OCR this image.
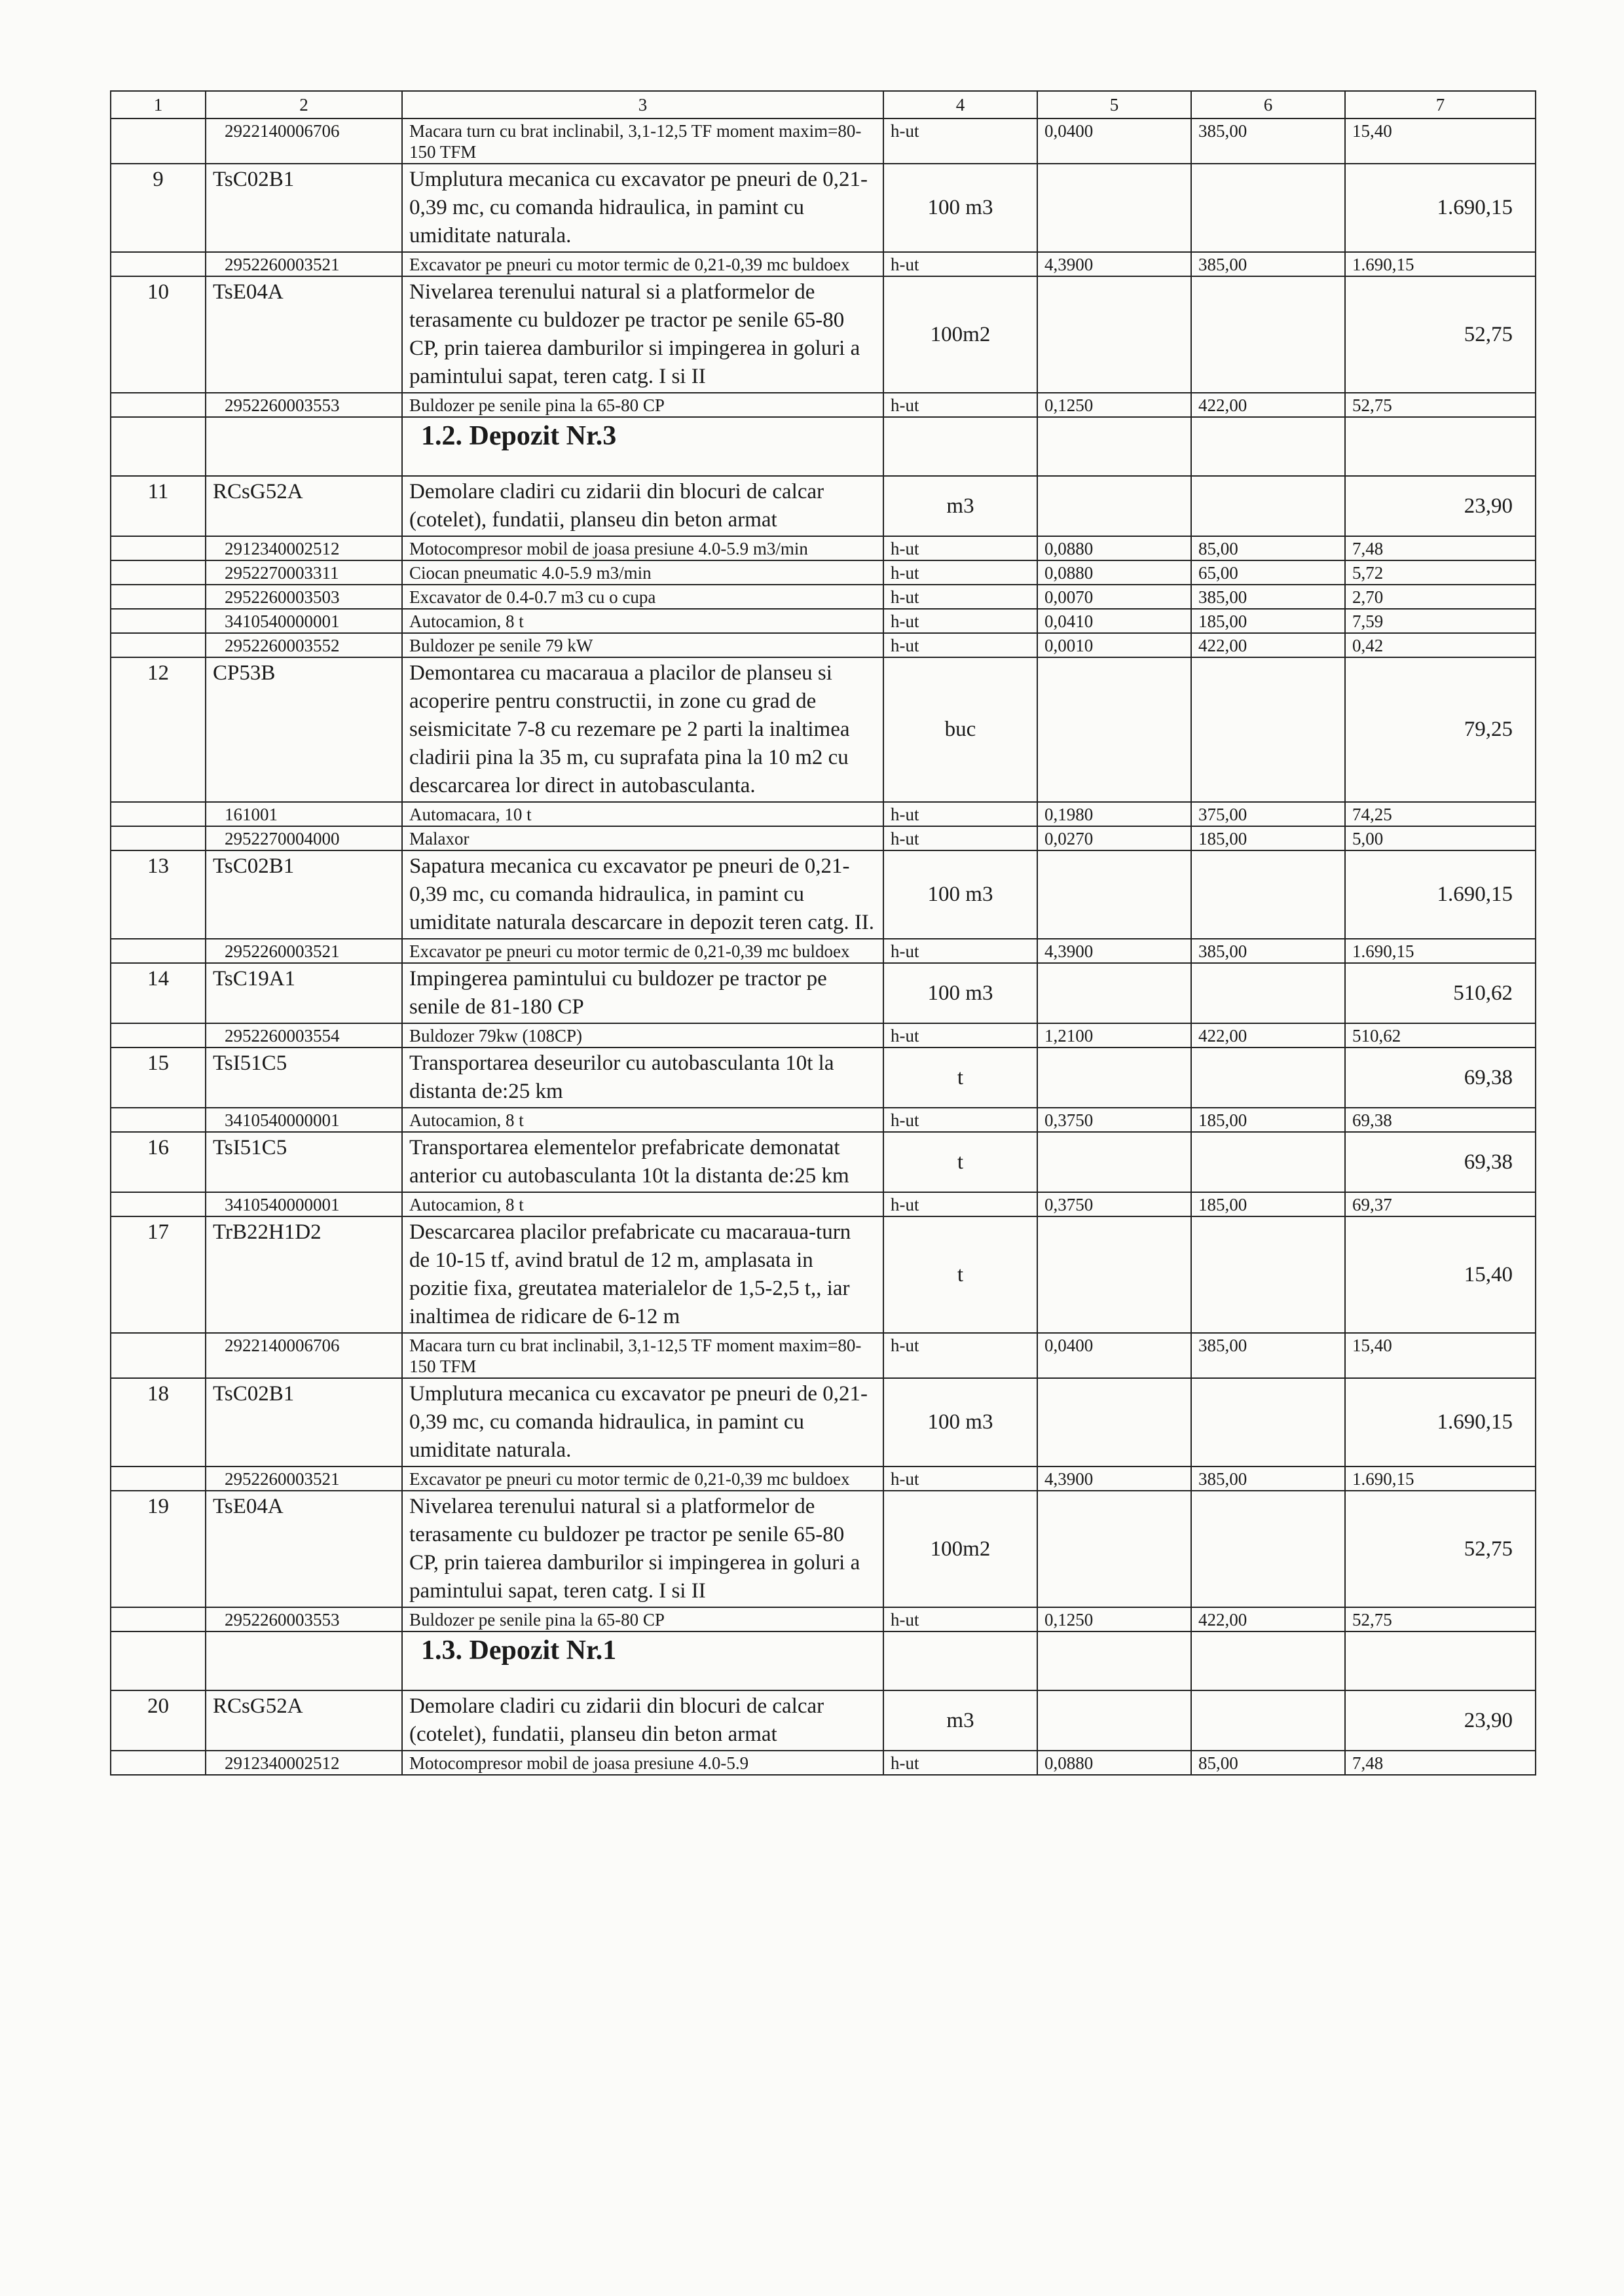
1	2	3	4	5	6	7
	2922140006706	Macara turn cu brat inclinabil, 3,1-12,5 TF moment maxim=80-150 TFM	h-ut	0,0400	385,00	15,40
9	TsC02B1	Umplutura mecanica cu excavator pe pneuri de 0,21-0,39 mc, cu comanda hidraulica, in pamint cu umiditate naturala.	100 m3			1.690,15
	2952260003521	Excavator pe pneuri cu motor termic de 0,21-0,39 mc buldoex	h-ut	4,3900	385,00	1.690,15
10	TsE04A	Nivelarea terenului natural si a platformelor de terasamente cu buldozer pe tractor pe senile 65-80 CP, prin taierea damburilor si impingerea in goluri a pamintului sapat, teren catg. I si II	100m2			52,75
	2952260003553	Buldozer pe senile pina la 65-80 CP	h-ut	0,1250	422,00	52,75
		1.2. Depozit Nr.3				
11	RCsG52A	Demolare cladiri cu zidarii din blocuri de calcar (cotelet), fundatii, planseu din beton armat	m3			23,90
	2912340002512	Motocompresor mobil de joasa presiune 4.0-5.9 m3/min	h-ut	0,0880	85,00	7,48
	2952270003311	Ciocan pneumatic 4.0-5.9 m3/min	h-ut	0,0880	65,00	5,72
	2952260003503	Excavator de 0.4-0.7 m3 cu o cupa	h-ut	0,0070	385,00	2,70
	3410540000001	Autocamion, 8 t	h-ut	0,0410	185,00	7,59
	2952260003552	Buldozer pe senile 79 kW	h-ut	0,0010	422,00	0,42
12	CP53B	Demontarea cu macaraua a placilor de planseu si acoperire pentru constructii, in zone cu grad de seismicitate 7-8 cu rezemare pe 2 parti la inaltimea cladirii pina la 35 m, cu suprafata pina la 10 m2 cu descarcarea lor direct in autobasculanta.	buc			79,25
	161001	Automacara, 10 t	h-ut	0,1980	375,00	74,25
	2952270004000	Malaxor	h-ut	0,0270	185,00	5,00
13	TsC02B1	Sapatura mecanica cu excavator pe pneuri de 0,21-0,39 mc, cu comanda hidraulica, in pamint cu umiditate naturala descarcare in depozit teren catg. II.	100 m3			1.690,15
	2952260003521	Excavator pe pneuri cu motor termic de 0,21-0,39 mc buldoex	h-ut	4,3900	385,00	1.690,15
14	TsC19A1	Impingerea pamintului cu buldozer pe tractor pe senile de 81-180 CP	100 m3			510,62
	2952260003554	Buldozer 79kw (108CP)	h-ut	1,2100	422,00	510,62
15	TsI51C5	Transportarea deseurilor cu autobasculanta 10t la distanta de:25 km	t			69,38
	3410540000001	Autocamion, 8 t	h-ut	0,3750	185,00	69,38
16	TsI51C5	Transportarea elementelor prefabricate demonatat anterior cu autobasculanta 10t la distanta de:25 km	t			69,38
	3410540000001	Autocamion, 8 t	h-ut	0,3750	185,00	69,37
17	TrB22H1D2	Descarcarea placilor prefabricate cu macaraua-turn de 10-15 tf, avind bratul de 12 m, amplasata in pozitie fixa, greutatea materialelor de 1,5-2,5 t,, iar inaltimea de ridicare de 6-12 m	t			15,40
	2922140006706	Macara turn cu brat inclinabil, 3,1-12,5 TF moment maxim=80-150 TFM	h-ut	0,0400	385,00	15,40
18	TsC02B1	Umplutura mecanica cu excavator pe pneuri de 0,21-0,39 mc, cu comanda hidraulica, in pamint cu umiditate naturala.	100 m3			1.690,15
	2952260003521	Excavator pe pneuri cu motor termic de 0,21-0,39 mc buldoex	h-ut	4,3900	385,00	1.690,15
19	TsE04A	Nivelarea terenului natural si a platformelor de terasamente cu buldozer pe tractor pe senile 65-80 CP, prin taierea damburilor si impingerea in goluri a pamintului sapat, teren catg. I si II	100m2			52,75
	2952260003553	Buldozer pe senile pina la 65-80 CP	h-ut	0,1250	422,00	52,75
		1.3. Depozit Nr.1				
20	RCsG52A	Demolare cladiri cu zidarii din blocuri de calcar (cotelet), fundatii, planseu din beton armat	m3			23,90
	2912340002512	Motocompresor mobil de joasa presiune 4.0-5.9	h-ut	0,0880	85,00	7,48
